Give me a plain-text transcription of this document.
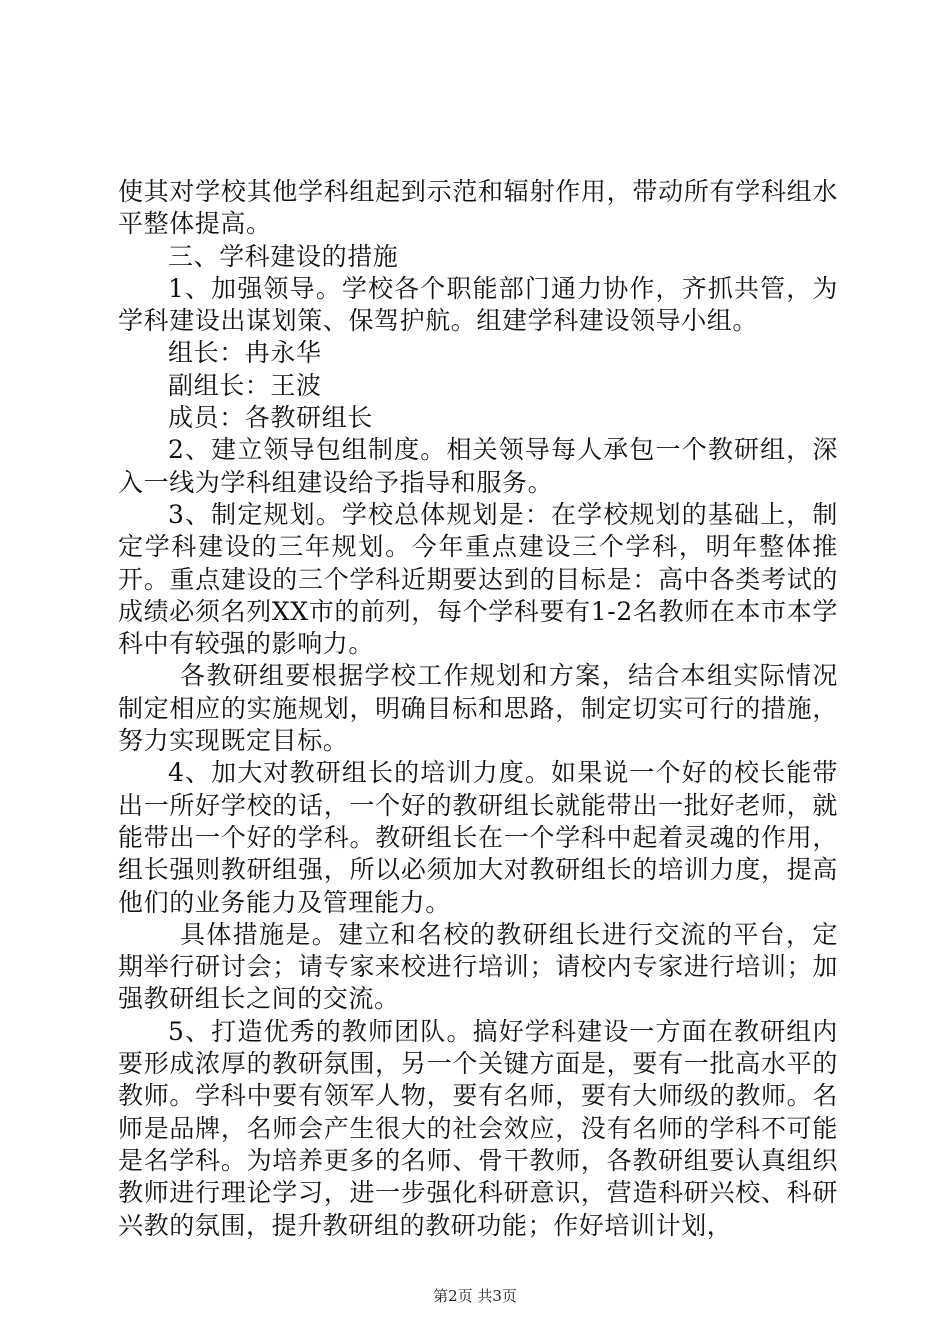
使其对学校其他学科组起到示范和辐射作用，带动所有学科组水平整体提高。

三、学科建设的措施

1、加强领导。学校各个职能部门通力协作，齐抓共管，为学科建设出谋划策、保驾护航。组建学科建设领导小组。

组长：冉永华

副组长：王波

成员：各教研组长

2、建立领导包组制度。相关领导每人承包一个教研组，深入一线为学科组建设给予指导和服务。

3、制定规划。学校总体规划是：在学校规划的基础上，制定学科建设的三年规划。今年重点建设三个学科，明年整体推开。重点建设的三个学科近期要达到的目标是：高中各类考试的成绩必须名列XX市的前列，每个学科要有1-2名教师在本市本学科中有较强的影响力。

各教研组要根据学校工作规划和方案，结合本组实际情况制定相应的实施规划，明确目标和思路，制定切实可行的措施，努力实现既定目标。

4、加大对教研组长的培训力度。如果说一个好的校长能带出一所好学校的话，一个好的教研组长就能带出一批好老师，就能带出一个好的学科。教研组长在一个学科中起着灵魂的作用，组长强则教研组强，所以必须加大对教研组长的培训力度，提高他们的业务能力及管理能力。

具体措施是。建立和名校的教研组长进行交流的平台，定期举行研讨会；请专家来校进行培训；请校内专家进行培训；加强教研组长之间的交流。

5、打造优秀的教师团队。搞好学科建设一方面在教研组内要形成浓厚的教研氛围，另一个关键方面是，要有一批高水平的教师。学科中要有领军人物，要有名师，要有大师级的教师。名师是品牌，名师会产生很大的社会效应，没有名师的学科不可能是名学科。为培养更多的名师、骨干教师，各教研组要认真组织教师进行理论学习，进一步强化科研意识，营造科研兴校、科研兴教的氛围，提升教研组的教研功能；作好培训计划，

第2页 共3页
